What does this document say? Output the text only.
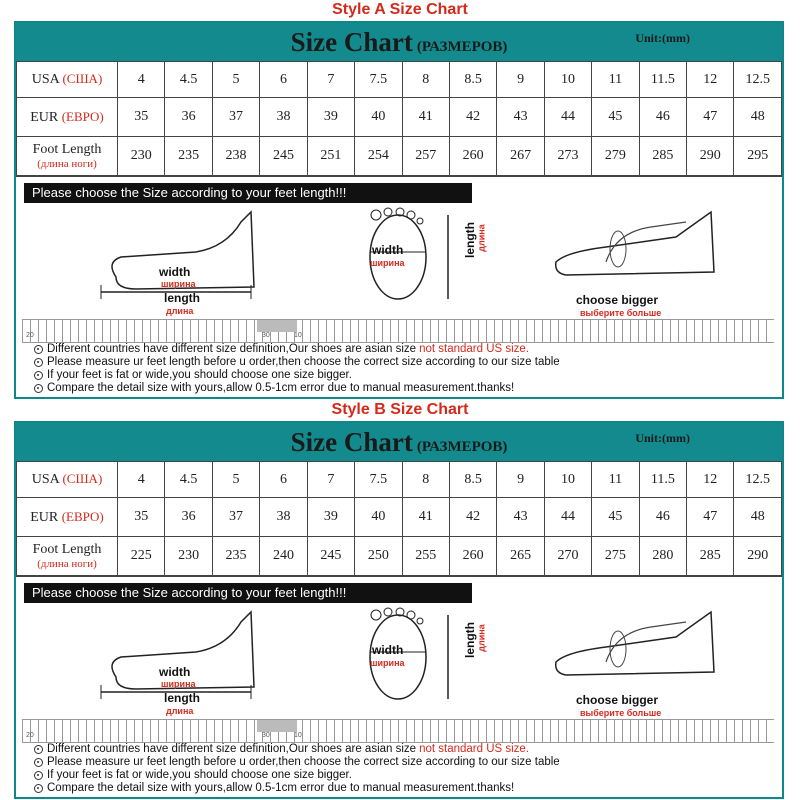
Style A Size Chart
Size Chart (РАЗМЕРОВ)
Unit:(mm)
USA (США)	4	4.5	5	6	7	7.5	8	8.5	9	10	11	11.5	12	12.5
EUR (ЕВРО)	35	36	37	38	39	40	41	42	43	44	45	46	47	48
Foot Length
(длина ноги)	230	235	238	245	251	254	257	260	267	273	279	285	290	295
Please choose the Size according to your feet length!!!
width
ширина
length
длина
width
ширина
length длина
choose bigger
выберите больше
20	30	10
Different countries have different size definition,Our shoes are asian size not standard US size.
Please measure ur feet length before u order,then choose the correct size according to our size table
If your feet is fat or wide,you should choose one size bigger.
Compare the detail size with yours,allow 0.5-1cm error due to manual measurement.thanks!
Style B Size Chart
Size Chart (РАЗМЕРОВ)
Unit:(mm)
USA (США)	4	4.5	5	6	7	7.5	8	8.5	9	10	11	11.5	12	12.5
EUR (ЕВРО)	35	36	37	38	39	40	41	42	43	44	45	46	47	48
Foot Length
(длина ноги)	225	230	235	240	245	250	255	260	265	270	275	280	285	290
Please choose the Size according to your feet length!!!
width
ширина
length
длина
width
ширина
length длина
choose bigger
выберите больше
20	30	10
Different countries have different size definition,Our shoes are asian size not standard US size.
Please measure ur feet length before u order,then choose the correct size according to our size table
If your feet is fat or wide,you should choose one size bigger.
Compare the detail size with yours,allow 0.5-1cm error due to manual measurement.thanks!
